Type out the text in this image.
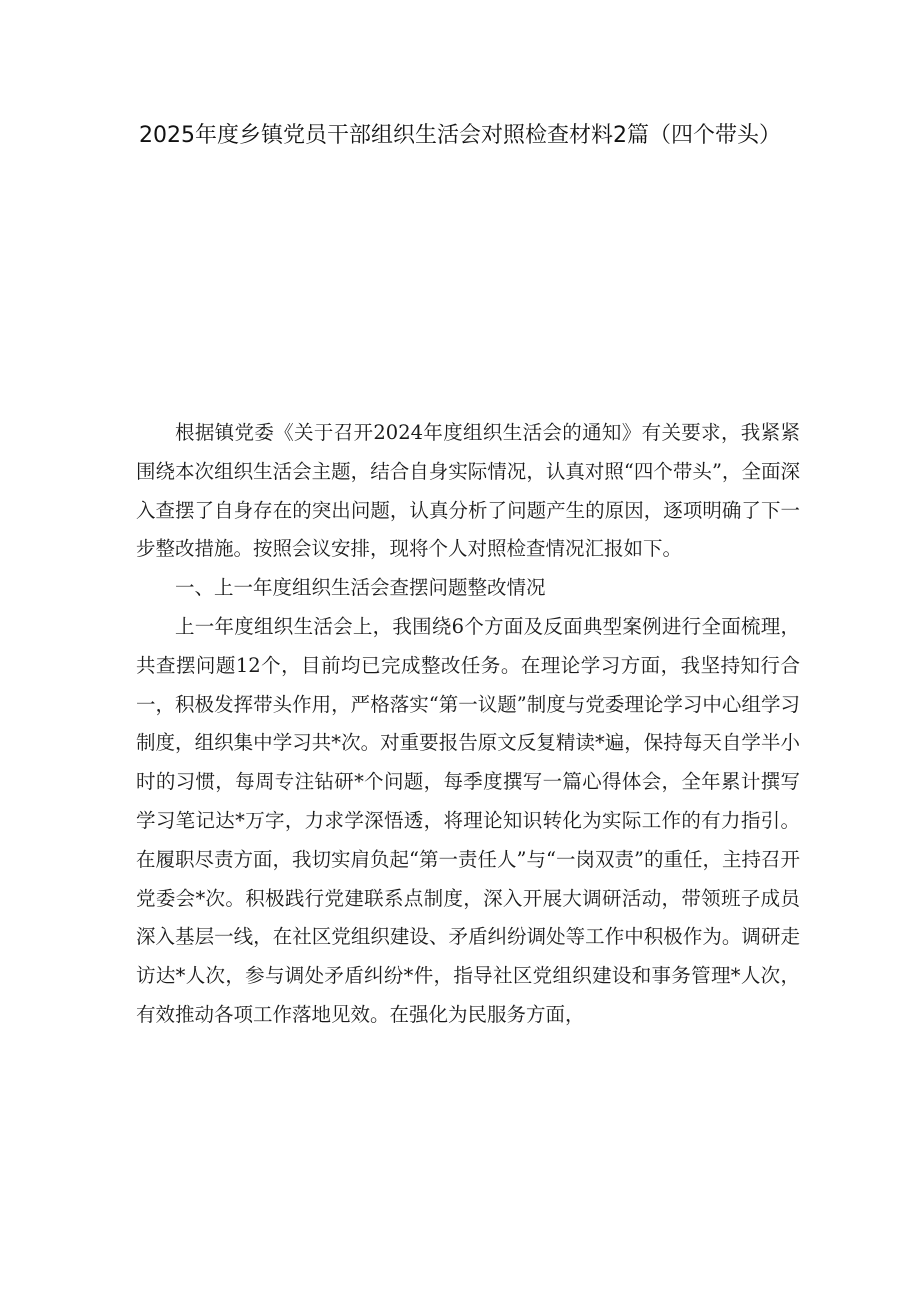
2025年度乡镇党员干部组织生活会对照检查材料2篇（四个带头）

根据镇党委《关于召开2024年度组织生活会的通知》有关要求，我紧紧围绕本次组织生活会主题，结合自身实际情况，认真对照“四个带头”，全面深入查摆了自身存在的突出问题，认真分析了问题产生的原因，逐项明确了下一步整改措施。按照会议安排，现将个人对照检查情况汇报如下。

一、上一年度组织生活会查摆问题整改情况

上一年度组织生活会上，我围绕6个方面及反面典型案例进行全面梳理，共查摆问题12个，目前均已完成整改任务。在理论学习方面，我坚持知行合一，积极发挥带头作用，严格落实“第一议题”制度与党委理论学习中心组学习制度，组织集中学习共*次。对重要报告原文反复精读*遍，保持每天自学半小时的习惯，每周专注钻研*个问题，每季度撰写一篇心得体会，全年累计撰写学习笔记达*万字，力求学深悟透，将理论知识转化为实际工作的有力指引。在履职尽责方面，我切实肩负起“第一责任人”与“一岗双责”的重任，主持召开党委会*次。积极践行党建联系点制度，深入开展大调研活动，带领班子成员深入基层一线，在社区党组织建设、矛盾纠纷调处等工作中积极作为。调研走访达*人次，参与调处矛盾纠纷*件，指导社区党组织建设和事务管理*人次，有效推动各项工作落地见效。在强化为民服务方面，
